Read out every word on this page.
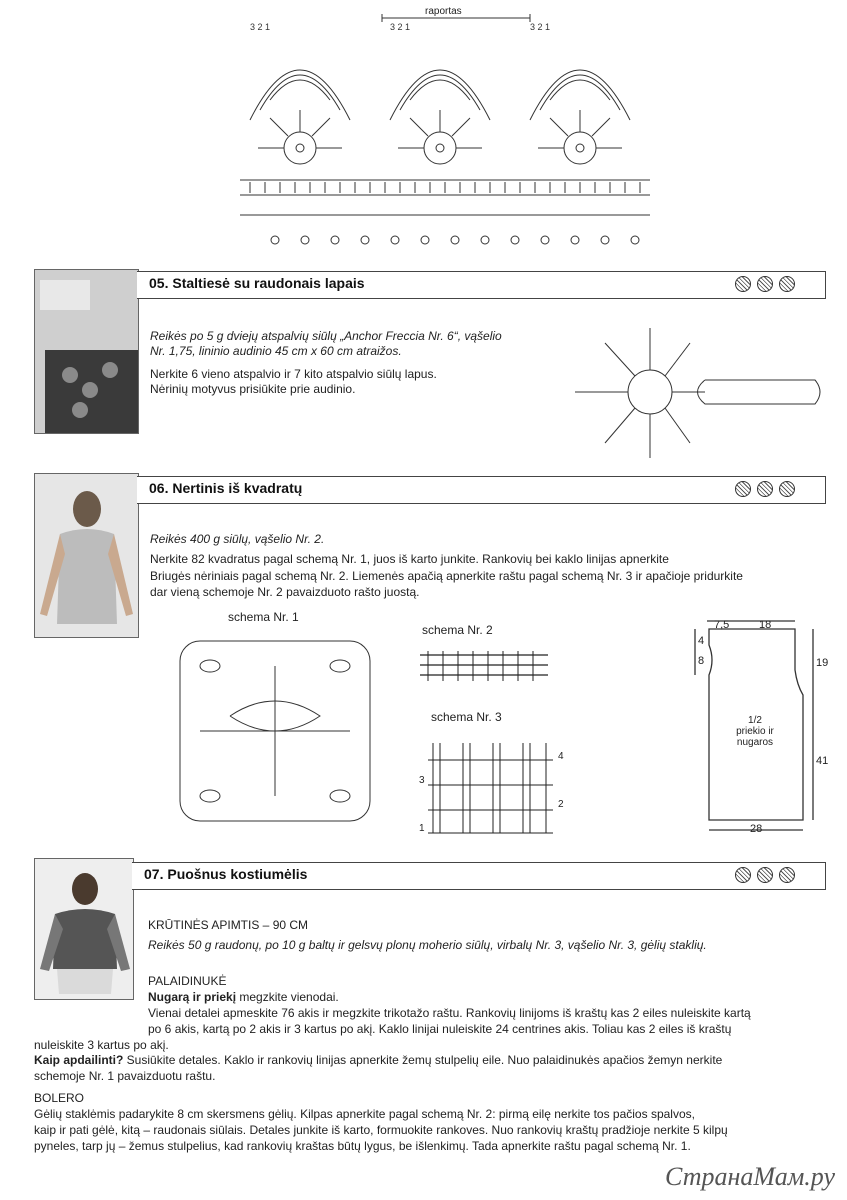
3 2 1	3 2 1	3 2 1
raportas
05. Staltiesė su raudonais lapais
Reikės po 5 g dviejų atspalvių siūlų „Anchor Freccia Nr. 6“, vąšelio Nr. 1,75, lininio audinio 45 cm x 60 cm atraižos.
Nerkite 6 vieno atspalvio ir 7 kito atspalvio siūlų lapus.
Nėrinių motyvus prisiūkite prie audinio.
06. Nertinis iš kvadratų
Reikės 400 g siūlų, vąšelio Nr. 2.
Nerkite 82 kvadratus pagal schemą Nr. 1, juos iš karto junkite. Rankovių bei kaklo linijas apnerkite
Briugės nėriniais pagal schemą Nr. 2. Liemenės apačią apnerkite raštu pagal schemą Nr. 3 ir apačioje pridurkite
dar vieną schemoje Nr. 2 pavaizduoto rašto juostą.
schema Nr. 1
schema Nr. 2
schema Nr. 3
4
3
2
1
7,5	18
4
8	19
41
28
1/2
priekio ir
nugaros
07. Puošnus kostiumėlis
KRŪTINĖS APIMTIS – 90 CM
Reikės 50 g raudonų, po 10 g baltų ir gelsvų plonų moherio siūlų, virbalų Nr. 3, vąšelio Nr. 3, gėlių staklių.
PALAIDINUKĖ
Nugarą ir priekį megzkite vienodai.
Vienai detalei apmeskite 76 akis ir megzkite trikotažo raštu. Rankovių linijoms iš kraštų kas 2 eiles nuleiskite kartą
po 6 akis, kartą po 2 akis ir 3 kartus po akį. Kaklo linijai nuleiskite 24 centrines akis. Toliau kas 2 eiles iš kraštų
nuleiskite 3 kartus po akį.
Kaip apdailinti? Susiūkite detales. Kaklo ir rankovių linijas apnerkite žemų stulpelių eile. Nuo palaidinukės apačios žemyn nerkite
schemoje Nr. 1 pavaizduotu raštu.
BOLERO
Gėlių staklėmis padarykite 8 cm skersmens gėlių. Kilpas apnerkite pagal schemą Nr. 2: pirmą eilę nerkite tos pačios spalvos,
kaip ir pati gėlė, kitą – raudonais siūlais. Detales junkite iš karto, formuokite rankoves. Nuo rankovių kraštų pradžioje nerkite 5 kilpų
pyneles, tarp jų – žemus stulpelius, kad rankovių kraštas būtų lygus, be išlenkimų. Tada apnerkite raštu pagal schemą Nr. 1.
СтранаМам.ру
